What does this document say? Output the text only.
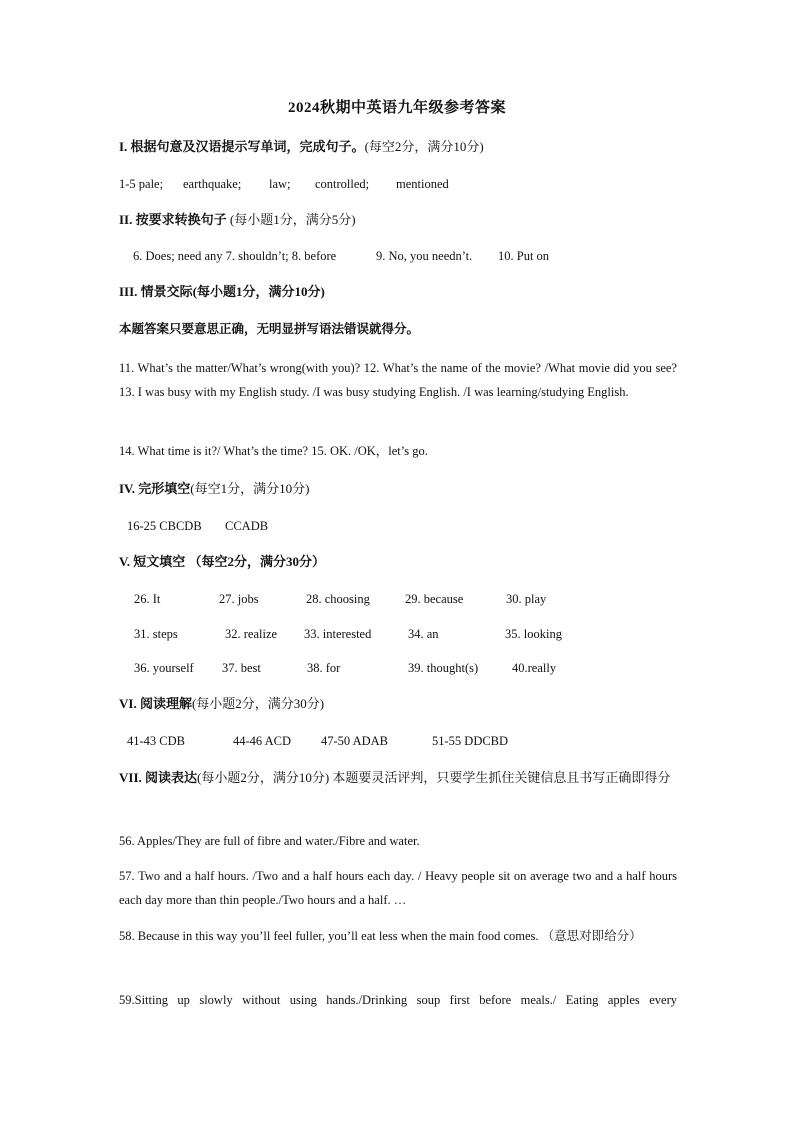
2024秋期中英语九年级参考答案
I. 根据句意及汉语提示写单词，完成句子。(每空2分，满分10分)
1-5 pale; earthquake; law; controlled; mentioned
II. 按要求转换句子 (每小题1分，满分5分)
6. Does; need any 7. shouldn’t; 8. before	9. No, you needn’t. 10. Put on
III. 情景交际(每小题1分，满分10分)
本题答案只要意思正确，无明显拼写语法错误就得分。
11. What’s the matter/What’s wrong(with you)? 12. What’s the name of the movie? /What movie did you see? 13. I was busy with my English study. /I was busy studying English. /I was learning/studying English.
14. What time is it?/ What’s the time? 15. OK. /OK，let’s go.
IV. 完形填空(每空1分，满分10分)
16-25 CBCDB CCADB
V. 短文填空 （每空2分，满分30分）
26. It	27. jobs	28. choosing	29. because	30. play
31. steps	32. realize 33. interested	34. an	35. looking
36. yourself 37. best	38. for	39. thought(s)	40.really
VI. 阅读理解(每小题2分，满分30分)
41-43 CDB	44-46 ACD 47-50 ADAB	51-55 DDCBD
VII. 阅读表达(每小题2分，满分10分) 本题要灵活评判，只要学生抓住关键信息且书写正确即得分
56. Apples/They are full of fibre and water./Fibre and water.
57. Two and a half hours. /Two and a half hours each day. / Heavy people sit on average two and a half hours each day more than thin people./Two hours and a half. …
58. Because in this way you’ll feel fuller, you’ll eat less when the main food comes. （意思对即给分）
59.Sitting up slowly without using hands./Drinking soup first before meals./ Eating apples every
